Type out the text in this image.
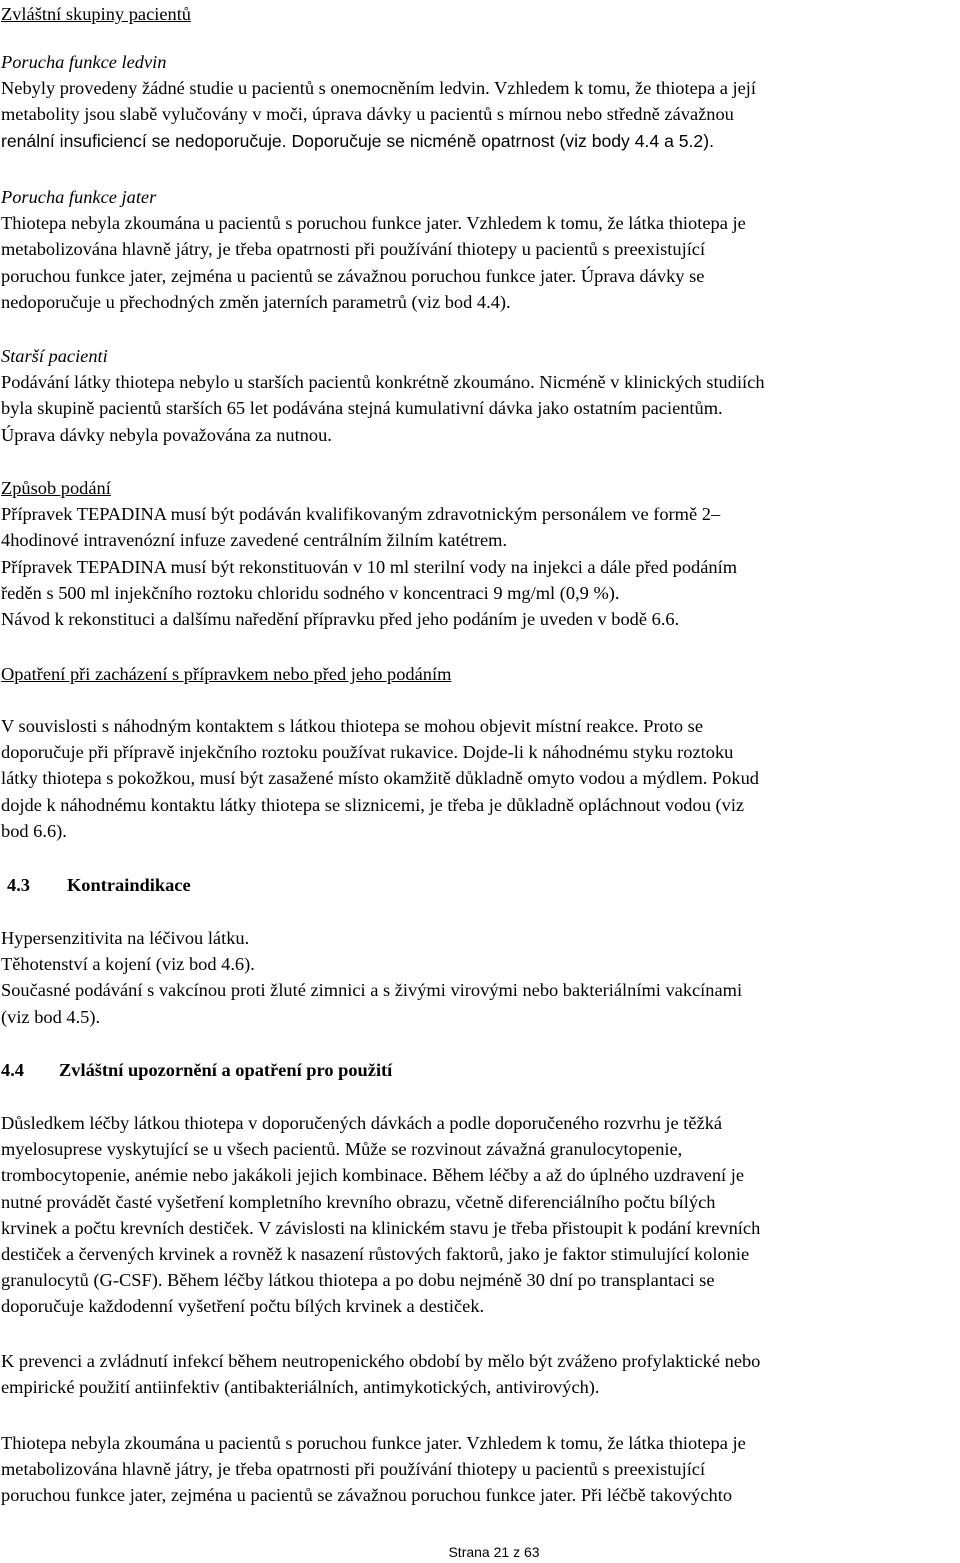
Zvláštní skupiny pacientů
Porucha funkce ledvin
Nebyly provedeny žádné studie u pacientů s onemocněním ledvin. Vzhledem k tomu, že thiotepa a její
metabolity jsou slabě vylučovány v moči, úprava dávky u pacientů s mírnou nebo středně závažnou
renální insuficiencí se nedoporučuje. Doporučuje se nicméně opatrnost (viz body 4.4 a 5.2).
Porucha funkce jater
Thiotepa nebyla zkoumána u pacientů s poruchou funkce jater. Vzhledem k tomu, že látka thiotepa je
metabolizována hlavně játry, je třeba opatrnosti při používání thiotepy u pacientů s preexistující
poruchou funkce jater, zejména u pacientů se závažnou poruchou funkce jater. Úprava dávky se
nedoporučuje u přechodných změn jaterních parametrů (viz bod 4.4).
Starší pacienti
Podávání látky thiotepa nebylo u starších pacientů konkrétně zkoumáno. Nicméně v klinických studiích
byla skupině pacientů starších 65 let podávána stejná kumulativní dávka jako ostatním pacientům.
Úprava dávky nebyla považována za nutnou.
Způsob podání
Přípravek TEPADINA musí být podáván kvalifikovaným zdravotnickým personálem ve formě 2–
4hodinové intravenózní infuze zavedené centrálním žilním katétrem.
Přípravek TEPADINA musí být rekonstituován v 10 ml sterilní vody na injekci a dále před podáním
ředěn s 500 ml injekčního roztoku chloridu sodného v koncentraci 9 mg/ml (0,9 %).
Návod k rekonstituci a dalšímu naředění přípravku před jeho podáním je uveden v bodě 6.6.
Opatření při zacházení s přípravkem nebo před jeho podáním
V souvislosti s náhodným kontaktem s látkou thiotepa se mohou objevit místní reakce. Proto se
doporučuje při přípravě injekčního roztoku používat rukavice. Dojde-li k náhodnému styku roztoku
látky thiotepa s pokožkou, musí být zasažené místo okamžitě důkladně omyto vodou a mýdlem. Pokud
dojde k náhodnému kontaktu látky thiotepa se sliznicemi, je třeba je důkladně opláchnout vodou (viz
bod 6.6).
4.3 Kontraindikace
Hypersenzitivita na léčivou látku.
Těhotenství a kojení (viz bod 4.6).
Současné podávání s vakcínou proti žluté zimnici a s živými virovými nebo bakteriálními vakcínami
(viz bod 4.5).
4.4 Zvláštní upozornění a opatření pro použití
Důsledkem léčby látkou thiotepa v doporučených dávkách a podle doporučeného rozvrhu je těžká
myelosuprese vyskytující se u všech pacientů. Může se rozvinout závažná granulocytopenie,
trombocytopenie, anémie nebo jakákoli jejich kombinace. Během léčby a až do úplného uzdravení je
nutné provádět časté vyšetření kompletního krevního obrazu, včetně diferenciálního počtu bílých
krvinek a počtu krevních destiček. V závislosti na klinickém stavu je třeba přistoupit k podání krevních
destiček a červených krvinek a rovněž k nasazení růstových faktorů, jako je faktor stimulující kolonie
granulocytů (G-CSF). Během léčby látkou thiotepa a po dobu nejméně 30 dní po transplantaci se
doporučuje každodenní vyšetření počtu bílých krvinek a destiček.
K prevenci a zvládnutí infekcí během neutropenického období by mělo být zváženo profylaktické nebo
empirické použití antiinfektiv (antibakteriálních, antimykotických, antivirových).
Thiotepa nebyla zkoumána u pacientů s poruchou funkce jater. Vzhledem k tomu, že látka thiotepa je
metabolizována hlavně játry, je třeba opatrnosti při používání thiotepy u pacientů s preexistující
poruchou funkce jater, zejména u pacientů se závažnou poruchou funkce jater. Při léčbě takovýchto
Strana 21 z 63
